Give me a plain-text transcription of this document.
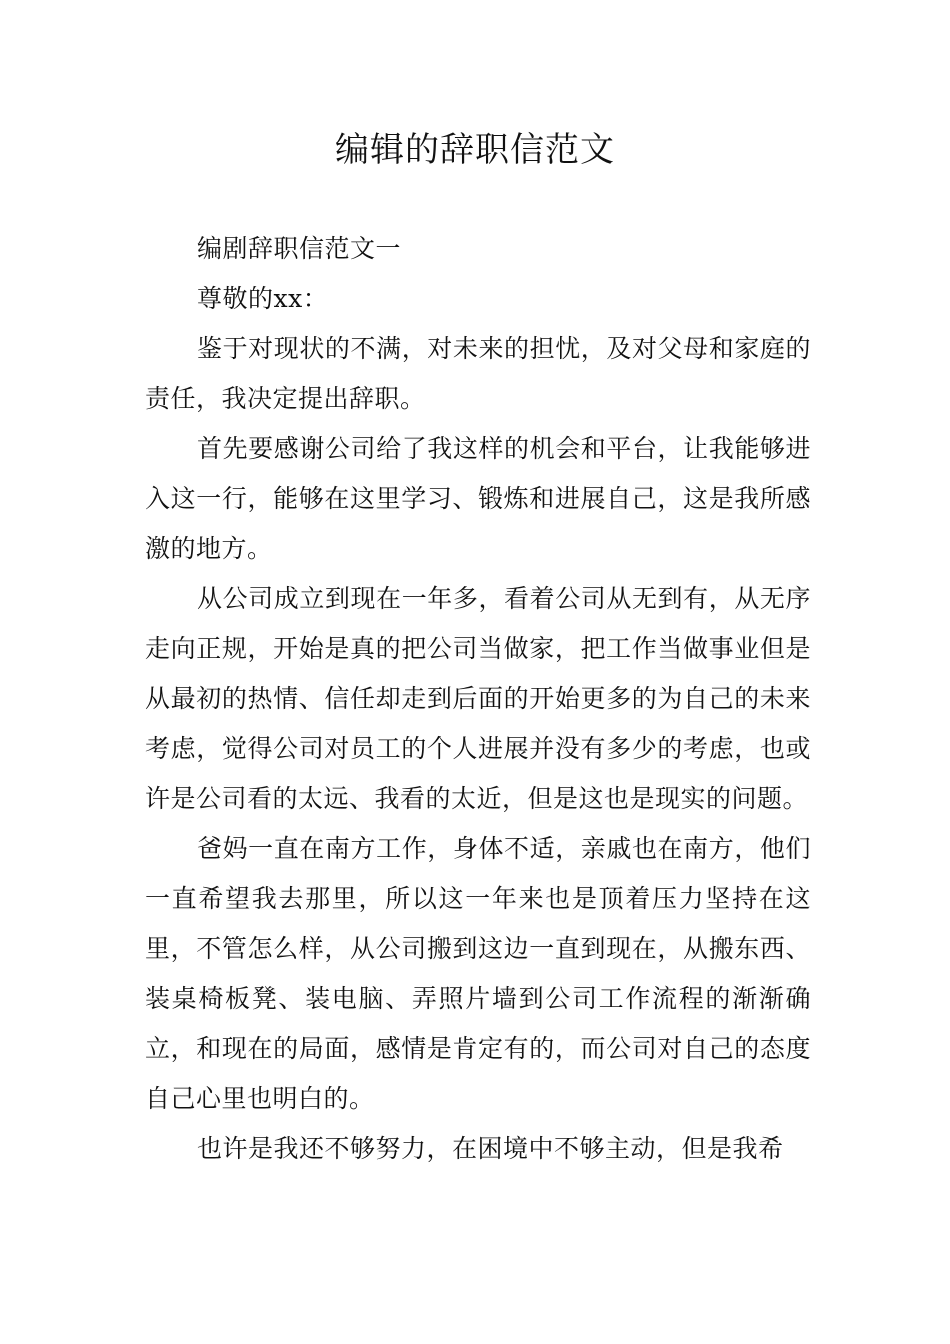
编辑的辞职信范文

编剧辞职信范文一

尊敬的xx：

鉴于对现状的不满，对未来的担忧，及对父母和家庭的责任，我决定提出辞职。

首先要感谢公司给了我这样的机会和平台，让我能够进入这一行，能够在这里学习、锻炼和进展自己，这是我所感激的地方。

从公司成立到现在一年多，看着公司从无到有，从无序走向正规，开始是真的把公司当做家，把工作当做事业但是从最初的热情、信任却走到后面的开始更多的为自己的未来考虑，觉得公司对员工的个人进展并没有多少的考虑，也或许是公司看的太远、我看的太近，但是这也是现实的问题。

爸妈一直在南方工作，身体不适，亲戚也在南方，他们一直希望我去那里，所以这一年来也是顶着压力坚持在这里，不管怎么样，从公司搬到这边一直到现在，从搬东西、装桌椅板凳、装电脑、弄照片墙到公司工作流程的渐渐确立，和现在的局面，感情是肯定有的，而公司对自己的态度自己心里也明白的。

也许是我还不够努力，在困境中不够主动，但是我希
